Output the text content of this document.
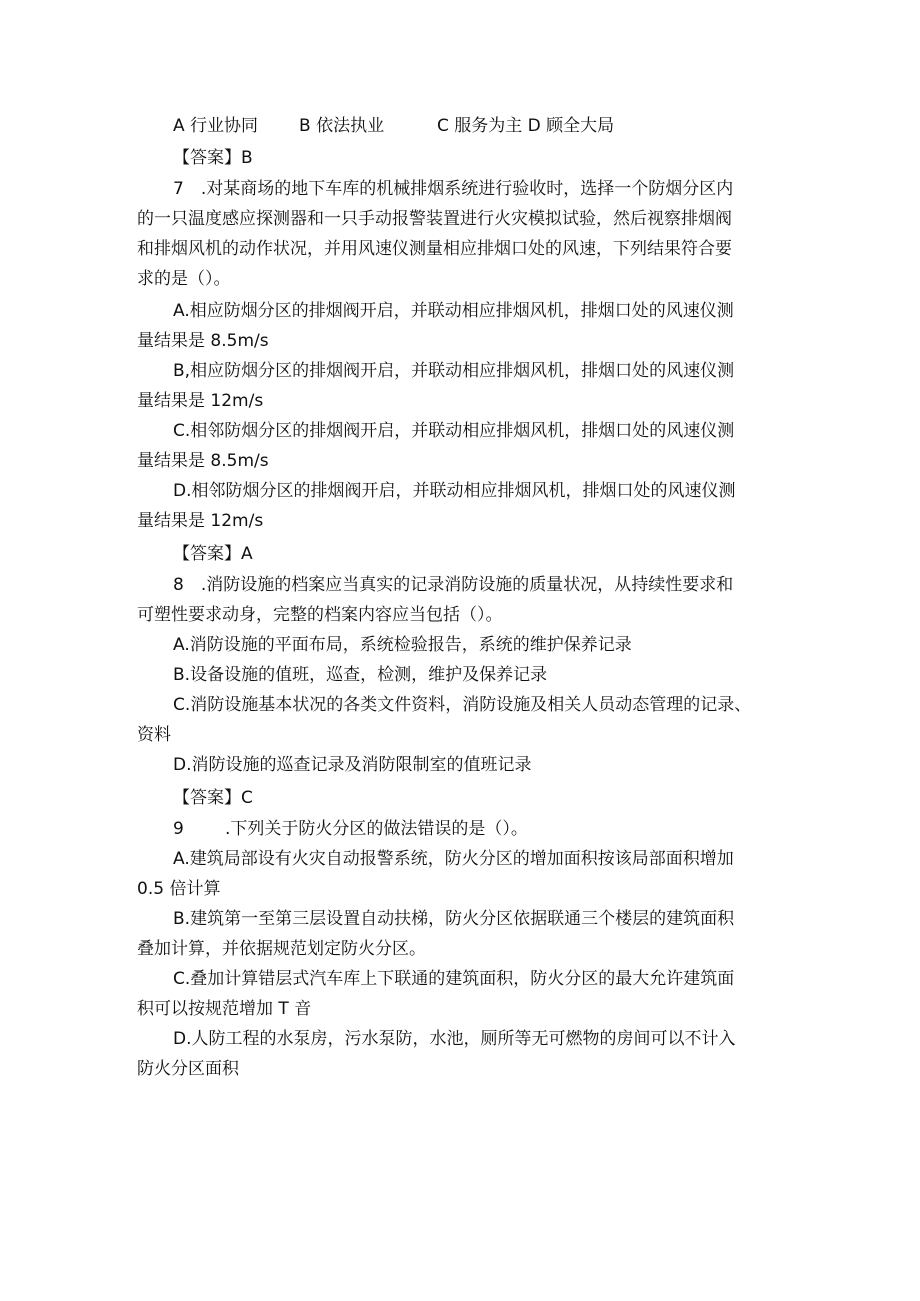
A 行业协同	B 依法执业	C 服务为主 D 顾全大局
【答案】B
7　.对某商场的地下车库的机械排烟系统进行验收时，选择一个防烟分区内
的一只温度感应探测器和一只手动报警装置进行火灾模拟试验，然后视察排烟阀
和排烟风机的动作状况，并用风速仪测量相应排烟口处的风速，下列结果符合要
求的是（）。
A.相应防烟分区的排烟阀开启，并联动相应排烟风机，排烟口处的风速仪测
量结果是 8.5m∕s
B,相应防烟分区的排烟阀开启，并联动相应排烟风机，排烟口处的风速仪测
量结果是 12m∕s
C.相邻防烟分区的排烟阀开启，并联动相应排烟风机，排烟口处的风速仪测
量结果是 8.5m∕s
D.相邻防烟分区的排烟阀开启，并联动相应排烟风机，排烟口处的风速仪测
量结果是 12m∕s
【答案】A
8　.消防设施的档案应当真实的记录消防设施的质量状况，从持续性要求和
可塑性要求动身，完整的档案内容应当包括（）。
A.消防设施的平面布局，系统检验报告，系统的维护保养记录
B.设备设施的值班，巡查，检测，维护及保养记录
C.消防设施基本状况的各类文件资料，消防设施及相关人员动态管理的记录、
资料
D.消防设施的巡查记录及消防限制室的值班记录
【答案】C
9 .下列关于防火分区的做法错误的是（）。
A.建筑局部设有火灾自动报警系统，防火分区的增加面积按该局部面积增加
0.5 倍计算
B.建筑第一至第三层设置自动扶梯，防火分区依据联通三个楼层的建筑面积
叠加计算，并依据规范划定防火分区。
C.叠加计算错层式汽车库上下联通的建筑面积，防火分区的最大允许建筑面
积可以按规范增加 T 音
D.人防工程的水泵房，污水泵防，水池，厕所等无可燃物的房间可以不计入
防火分区面积
